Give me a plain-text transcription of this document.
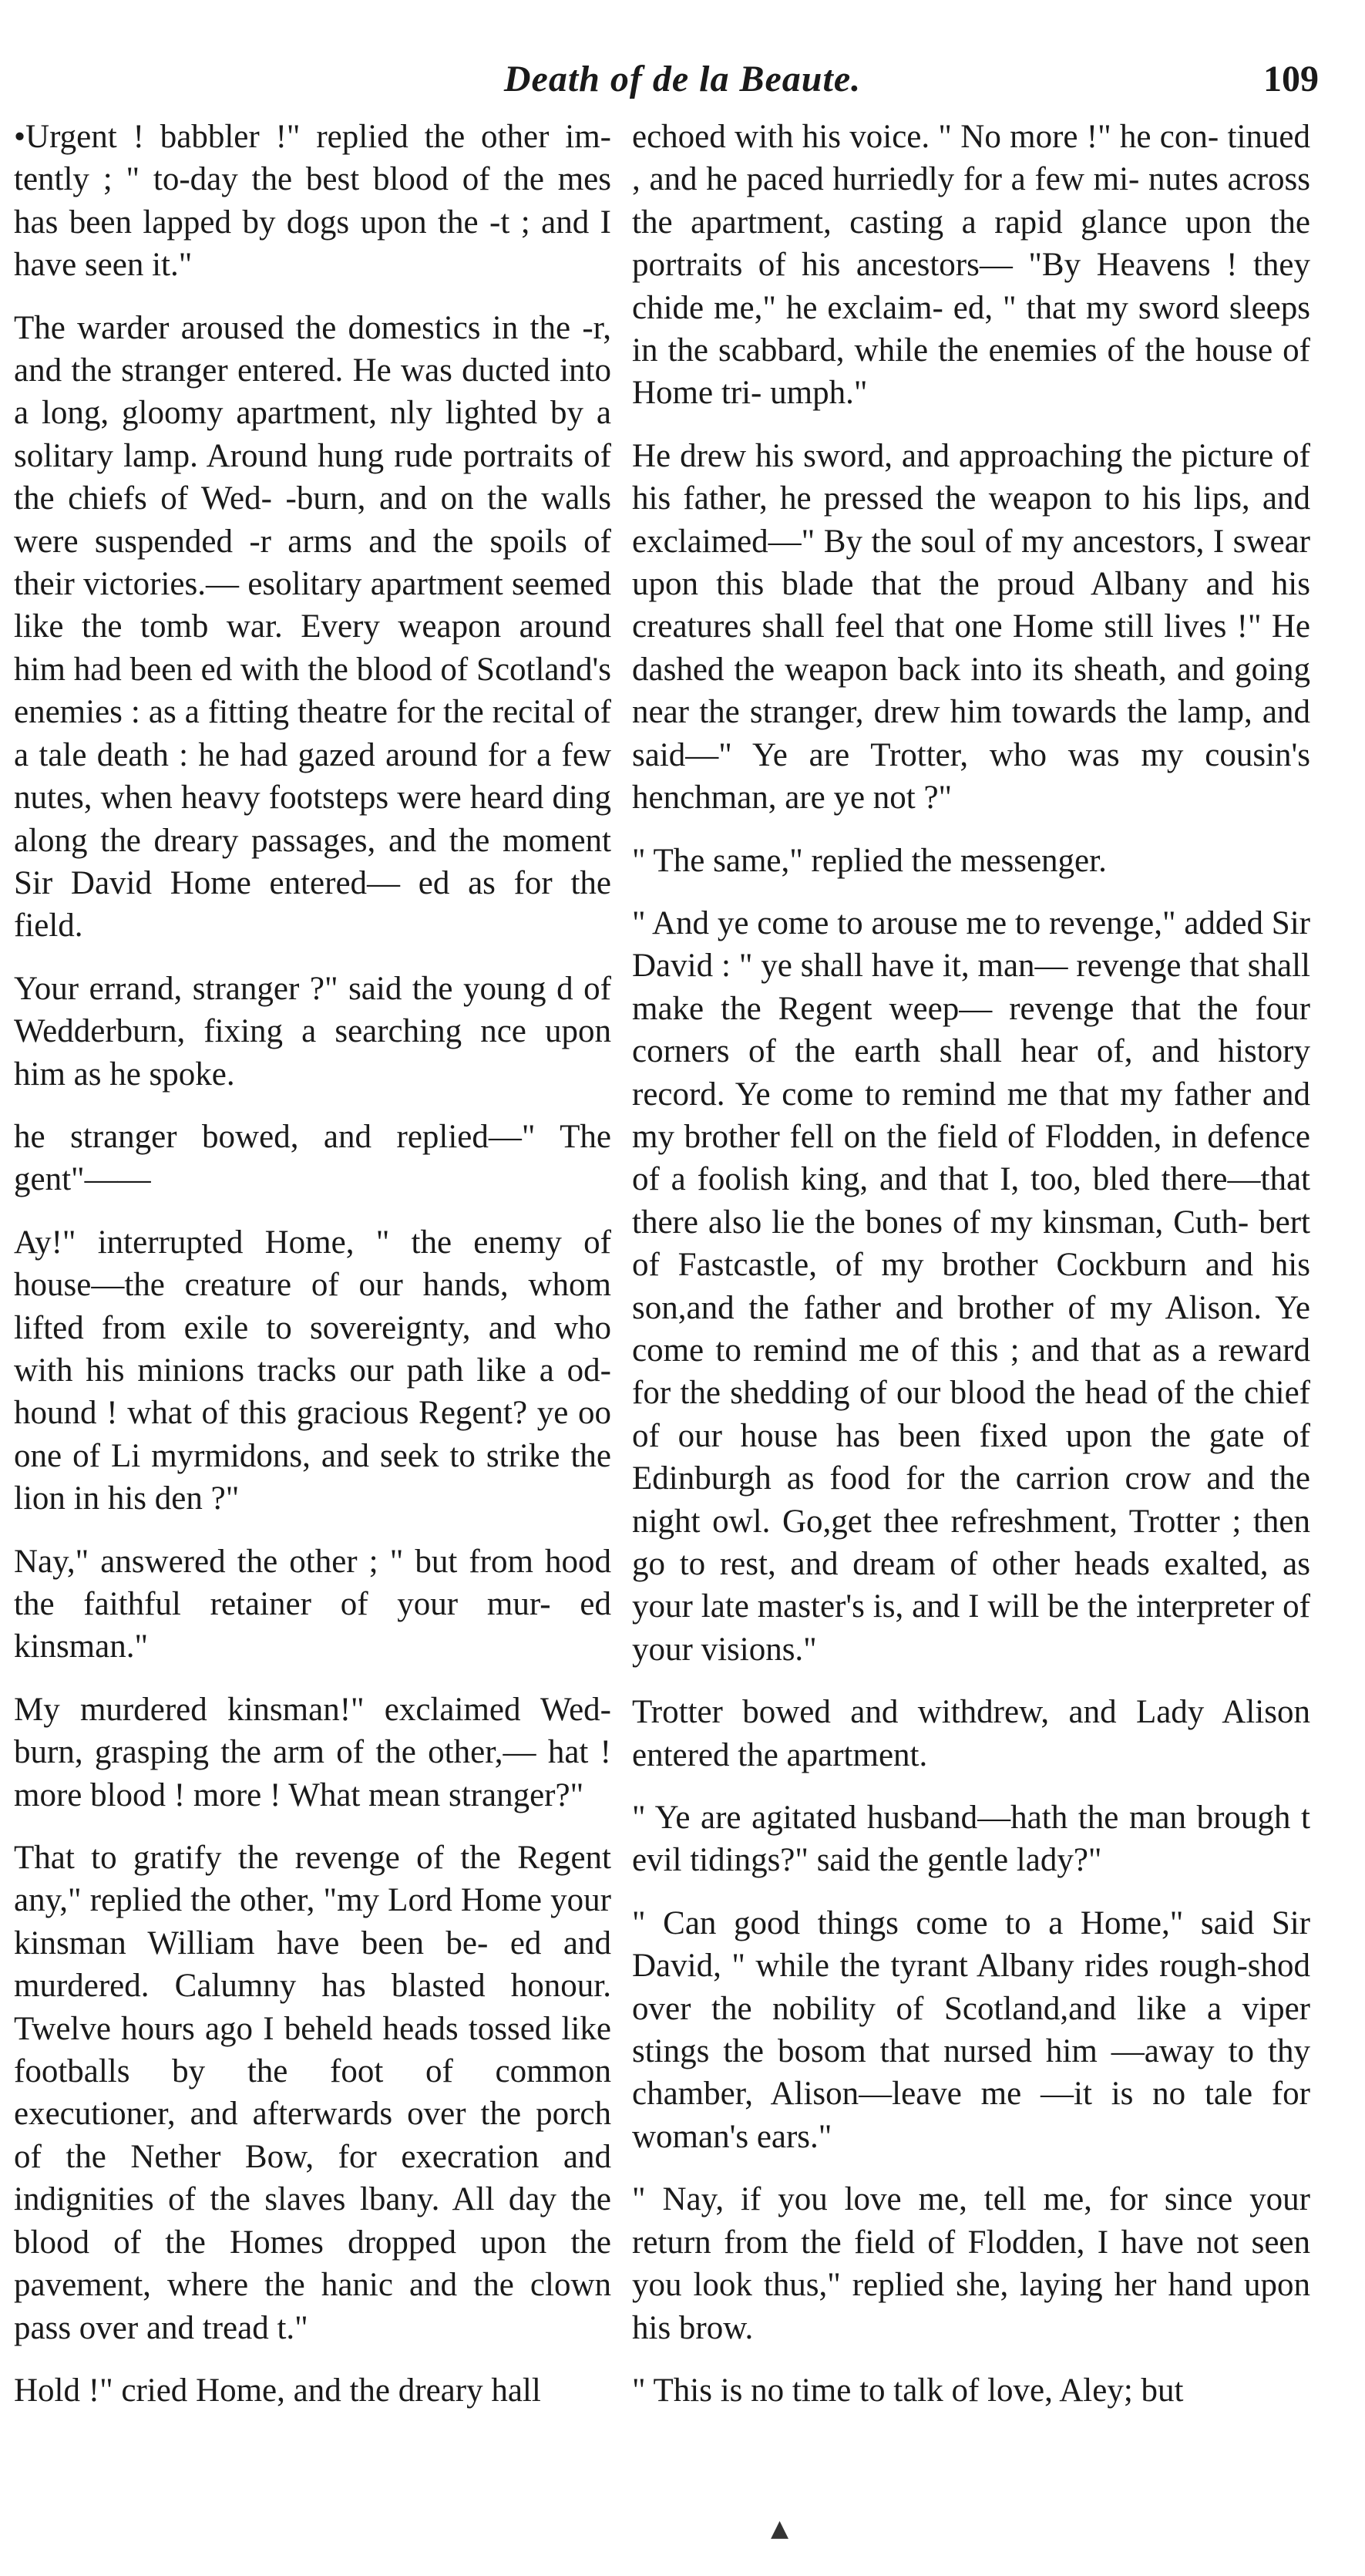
Death of de la Beaute.	109

•Urgent ! babbler !" replied the other im- tently ; " to-day the best blood of the mes has been lapped by dogs upon the -t ; and I have seen it."

The warder aroused the domestics in the -r, and the stranger entered. He was ducted into a long, gloomy apartment, nly lighted by a solitary lamp. Around hung rude portraits of the chiefs of Wed- -burn, and on the walls were suspended -r arms and the spoils of their victories.— esolitary apartment seemed like the tomb war. Every weapon around him had been ed with the blood of Scotland's enemies : as a fitting theatre for the recital of a tale death : he had gazed around for a few nutes, when heavy footsteps were heard ding along the dreary passages, and the moment Sir David Home entered— ed as for the field.

Your errand, stranger ?" said the young d of Wedderburn, fixing a searching nce upon him as he spoke.

he stranger bowed, and replied—" The gent"——

Ay!" interrupted Home, " the enemy of house—the creature of our hands, whom lifted from exile to sovereignty, and who with his minions tracks our path like a od-hound ! what of this gracious Regent? ye oo one of Li myrmidons, and seek to strike the lion in his den ?"

Nay," answered the other ; " but from hood the faithful retainer of your mur- ed kinsman."

My murdered kinsman!" exclaimed Wed- burn, grasping the arm of the other,— hat ! more blood ! more ! What mean stranger?"

That to gratify the revenge of the Regent any," replied the other, "my Lord Home your kinsman William have been be- ed and murdered. Calumny has blasted honour. Twelve hours ago I beheld heads tossed like footballs by the foot of common executioner, and afterwards over the porch of the Nether Bow, for execration and indignities of the slaves lbany. All day the blood of the Homes dropped upon the pavement, where the hanic and the clown pass over and tread t."

Hold !" cried Home, and the dreary hall

echoed with his voice. " No more !" he con- tinued , and he paced hurriedly for a few mi- nutes across the apartment, casting a rapid glance upon the portraits of his ancestors— "By Heavens ! they chide me," he exclaim- ed, " that my sword sleeps in the scabbard, while the enemies of the house of Home tri- umph."

He drew his sword, and approaching the picture of his father, he pressed the weapon to his lips, and exclaimed—" By the soul of my ancestors, I swear upon this blade that the proud Albany and his creatures shall feel that one Home still lives !" He dashed the weapon back into its sheath, and going near the stranger, drew him towards the lamp, and said—" Ye are Trotter, who was my cousin's henchman, are ye not ?"

" The same," replied the messenger.

" And ye come to arouse me to revenge," added Sir David : " ye shall have it, man— revenge that shall make the Regent weep— revenge that the four corners of the earth shall hear of, and history record. Ye come to remind me that my father and my brother fell on the field of Flodden, in defence of a foolish king, and that I, too, bled there—that there also lie the bones of my kinsman, Cuth- bert of Fastcastle, of my brother Cockburn and his son,and the father and brother of my Alison. Ye come to remind me of this ; and that as a reward for the shedding of our blood the head of the chief of our house has been fixed upon the gate of Edinburgh as food for the carrion crow and the night owl. Go,get thee refreshment, Trotter ; then go to rest, and dream of other heads exalted, as your late master's is, and I will be the interpreter of your visions."

Trotter bowed and withdrew, and Lady Alison entered the apartment.

" Ye are agitated husband—hath the man brough t evil tidings?" said the gentle lady?"

" Can good things come to a Home," said Sir David, " while the tyrant Albany rides rough-shod over the nobility of Scotland,and like a viper stings the bosom that nursed him —away to thy chamber, Alison—leave me —it is no tale for woman's ears."

" Nay, if you love me, tell me, for since your return from the field of Flodden, I have not seen you look thus," replied she, laying her hand upon his brow.

" This is no time to talk of love, Aley; but

▲
